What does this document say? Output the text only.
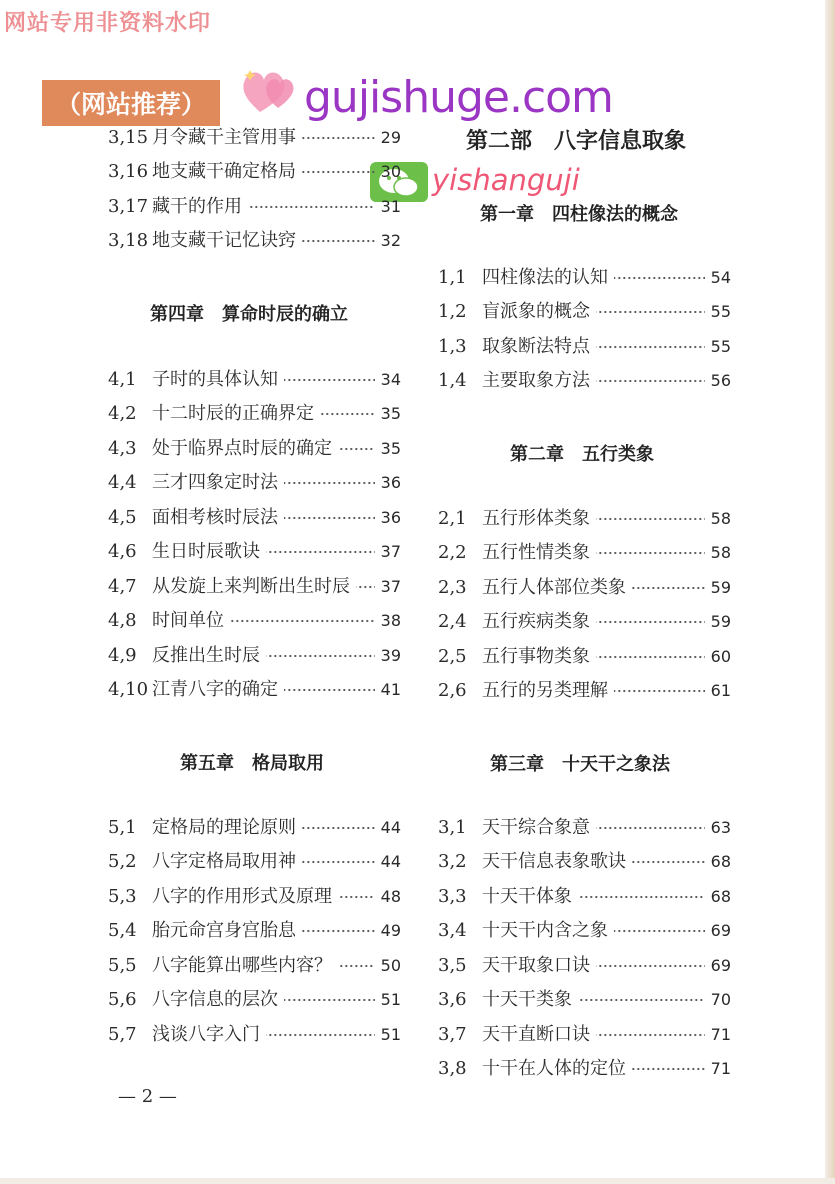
网站专用非资料水印
（网站推荐）	gujishuge.com
yishanguji
3,15 月令藏干主管用事	29
3,16 地支藏干确定格局	30
3,17 藏干的作用	31
3,18 地支藏干记忆诀窍	32
第四章　算命时辰的确立
4,1 子时的具体认知	34
4,2 十二时辰的正确界定	35
4,3 处于临界点时辰的确定	35
4,4 三才四象定时法	36
4,5 面相考核时辰法	36
4,6 生日时辰歌诀	37
4,7 从发旋上来判断出生时辰 37
4,8 时间单位	38
4,9 反推出生时辰	39
4,10 江青八字的确定	41
第五章　格局取用
5,1 定格局的理论原则	44
5,2 八字定格局取用神	44
5,3 八字的作用形式及原理	48
5,4 胎元命宫身宫胎息	49
5,5 八字能算出哪些内容？	50
5,6 八字信息的层次	51
5,7 浅谈八字入门	51
第二部　八字信息取象
第一章　四柱像法的概念
1,1 四柱像法的认知	54
1,2 盲派象的概念	55
1,3 取象断法特点	55
1,4 主要取象方法	56
第二章　五行类象
2,1 五行形体类象	58
2,2 五行性情类象	58
2,3 五行人体部位类象	59
2,4 五行疾病类象	59
2,5 五行事物类象	60
2,6 五行的另类理解	61
第三章　十天干之象法
3,1 天干综合象意	63
3,2 天干信息表象歌诀	68
3,3 十天干体象	68
3,4 十天干内含之象	69
3,5 天干取象口诀	69
3,6 十天干类象	70
3,7 天干直断口诀	71
3,8 十干在人体的定位	71
— 2 —
